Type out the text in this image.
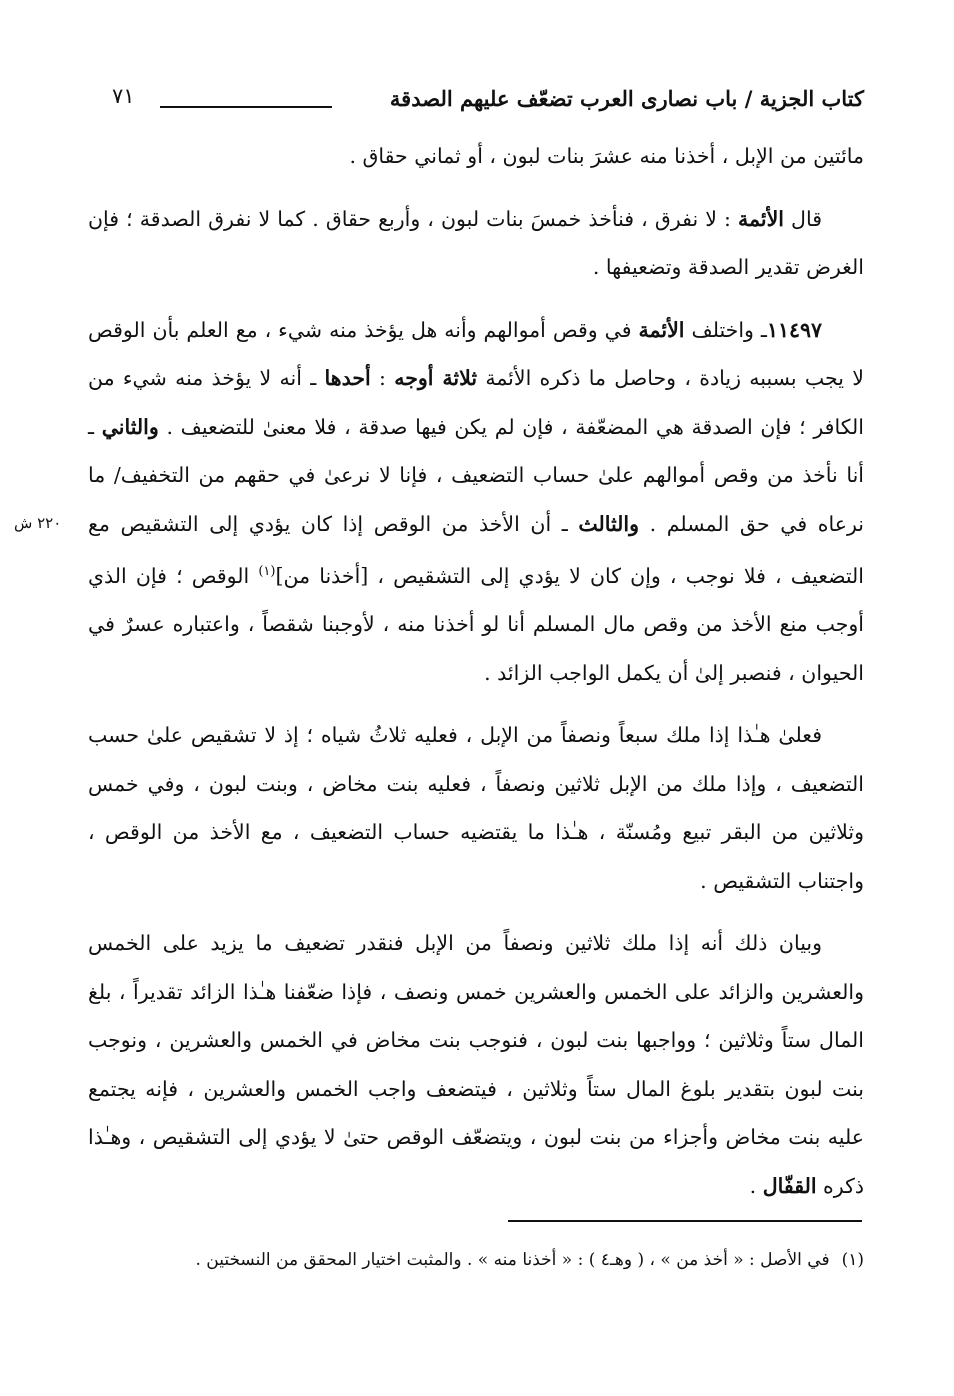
كتاب الجزية / باب نصارى العرب تضعّف عليهم الصدقة
٧١
٢٢٠ ش

مائتين من الإبل ، أخذنا منه عشرَ بنات لبون ، أو ثماني حقاق .

قال الأئمة : لا نفرق ، فنأخذ خمسَ بنات لبون ، وأربع حقاق . كما لا نفرق الصدقة ؛ فإن الغرض تقدير الصدقة وتضعيفها .

١١٤٩٧ـ واختلف الأئمة في وقص أموالهم وأنه هل يؤخذ منه شيء ، مع العلم بأن الوقص لا يجب بسببه زيادة ، وحاصل ما ذكره الأئمة ثلاثة أوجه : أحدها ـ أنه لا يؤخذ منه شيء من الكافر ؛ فإن الصدقة هي المضعّفة ، فإن لم يكن فيها صدقة ، فلا معنىٰ للتضعيف . والثاني ـ أنا نأخذ من وقص أموالهم علىٰ حساب التضعيف ، فإنا لا نرعىٰ في حقهم من التخفيف/ ما نرعاه في حق المسلم . والثالث ـ أن الأخذ من الوقص إذا كان يؤدي إلى التشقيص مع التضعيف ، فلا نوجب ، وإن كان لا يؤدي إلى التشقيص ، [أخذنا من]$^{(١)}$ الوقص ؛ فإن الذي أوجب منع الأخذ من وقص مال المسلم أنا لو أخذنا منه ، لأوجبنا شقصاً ، واعتباره عسرٌ في الحيوان ، فنصبر إلىٰ أن يكمل الواجب الزائد .

فعلىٰ هـٰذا إذا ملك سبعاً ونصفاً من الإبل ، فعليه ثلاثُ شياه ؛ إذ لا تشقيص علىٰ حسب التضعيف ، وإذا ملك من الإبل ثلاثين ونصفاً ، فعليه بنت مخاض ، وبنت لبون ، وفي خمس وثلاثين من البقر تبيع ومُسنّة ، هـٰذا ما يقتضيه حساب التضعيف ، مع الأخذ من الوقص ، واجتناب التشقيص .

وبيان ذلك أنه إذا ملك ثلاثين ونصفاً من الإبل فنقدر تضعيف ما يزيد على الخمس والعشرين والزائد على الخمس والعشرين خمس ونصف ، فإذا ضعّفنا هـٰذا الزائد تقديراً ، بلغ المال ستاً وثلاثين ؛ وواجبها بنت لبون ، فنوجب بنت مخاض في الخمس والعشرين ، ونوجب بنت لبون بتقدير بلوغ المال ستاً وثلاثين ، فيتضعف واجب الخمس والعشرين ، فإنه يجتمع عليه بنت مخاض وأجزاء من بنت لبون ، ويتضعّف الوقص حتىٰ لا يؤدي إلى التشقيص ، وهـٰذا ذكره القفّال .

(١)في الأصل : « أخذ من » ، ( وهـ٤ ) : « أخذنا منه » . والمثبت اختيار المحقق من النسختين .
